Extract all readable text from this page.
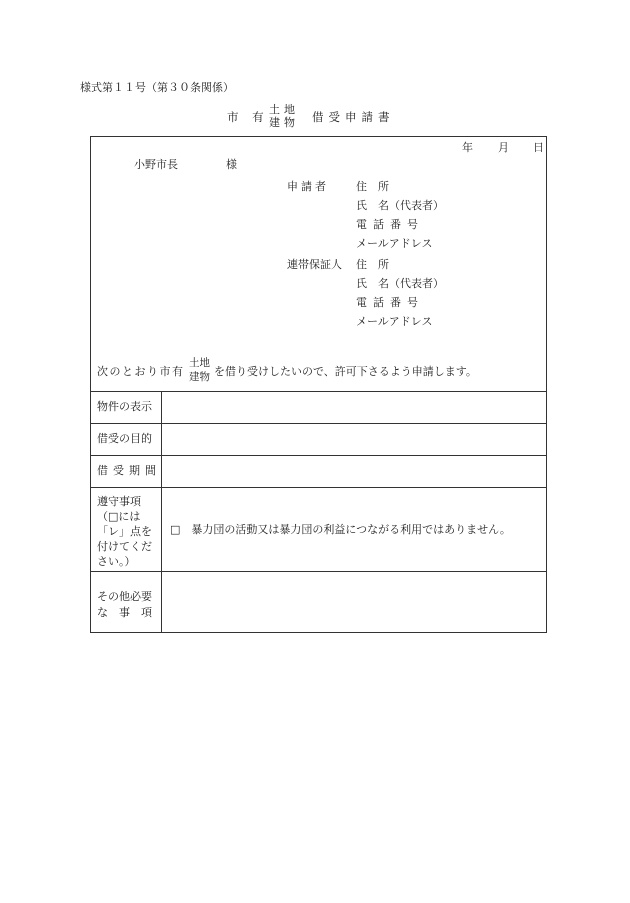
様式第１１号（第３０条関係）
市 有
土地
建物 借受申請書
年 月 日
小野市長	様
申請者 住　所
氏　名（代表者）
電話番号
メールアドレス
連帯保証人 住　所
氏　名（代表者）
電話番号
メールアドレス
次のとおり市有
土地
建物 を借り受けしたいので、許可下さるよう申請します。
物件の表示
借受の目的
借受期間
遵守事項（□には「レ」点を付けてください。）
□　暴力団の活動又は暴力団の利益につながる利用ではありません。
その他必要な　事　項
